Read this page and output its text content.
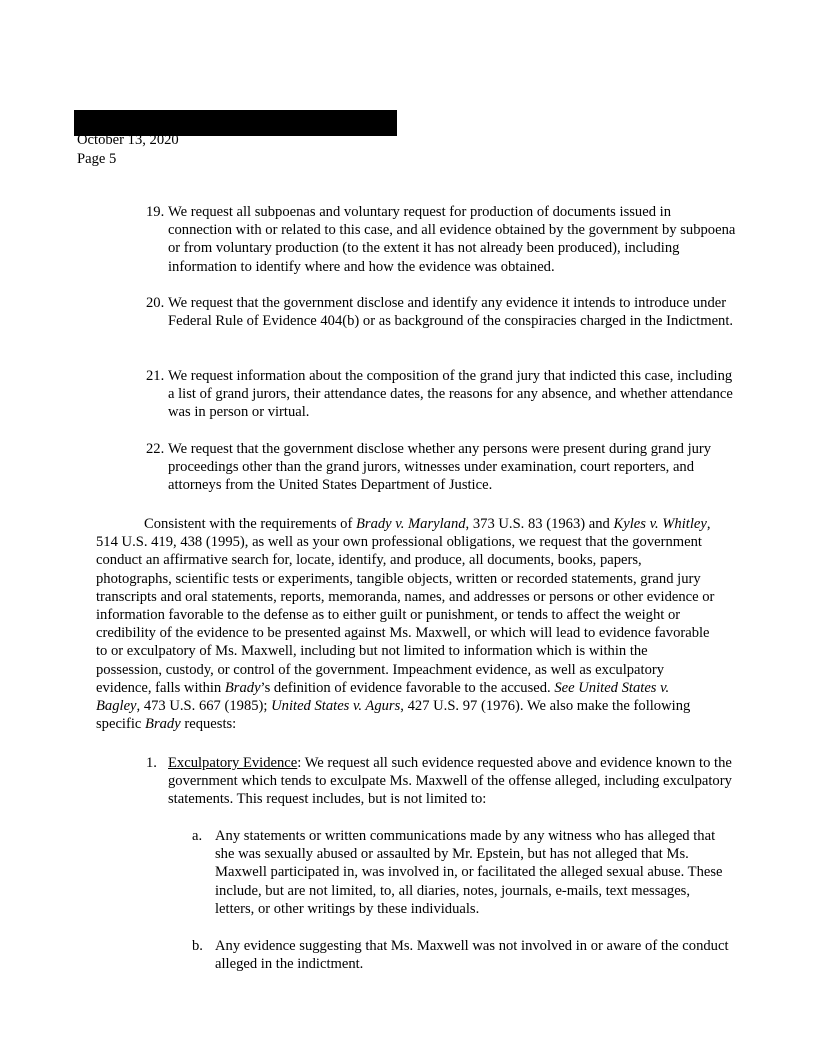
October 13, 2020
Page 5
19. We request all subpoenas and voluntary request for production of documents issued in connection with or related to this case, and all evidence obtained by the government by subpoena or from voluntary production (to the extent it has not already been produced), including information to identify where and how the evidence was obtained.
20. We request that the government disclose and identify any evidence it intends to introduce under Federal Rule of Evidence 404(b) or as background of the conspiracies charged in the Indictment.
21. We request information about the composition of the grand jury that indicted this case, including a list of grand jurors, their attendance dates, the reasons for any absence, and whether attendance was in person or virtual.
22. We request that the government disclose whether any persons were present during grand jury proceedings other than the grand jurors, witnesses under examination, court reporters, and attorneys from the United States Department of Justice.
Consistent with the requirements of Brady v. Maryland, 373 U.S. 83 (1963) and Kyles v. Whitley, 514 U.S. 419, 438 (1995), as well as your own professional obligations, we request that the government conduct an affirmative search for, locate, identify, and produce, all documents, books, papers, photographs, scientific tests or experiments, tangible objects, written or recorded statements, grand jury transcripts and oral statements, reports, memoranda, names, and addresses or persons or other evidence or information favorable to the defense as to either guilt or punishment, or tends to affect the weight or credibility of the evidence to be presented against Ms. Maxwell, or which will lead to evidence favorable to or exculpatory of Ms. Maxwell, including but not limited to information which is within the possession, custody, or control of the government. Impeachment evidence, as well as exculpatory evidence, falls within Brady’s definition of evidence favorable to the accused. See United States v. Bagley, 473 U.S. 667 (1985); United States v. Agurs, 427 U.S. 97 (1976). We also make the following specific Brady requests:
1. Exculpatory Evidence: We request all such evidence requested above and evidence known to the government which tends to exculpate Ms. Maxwell of the offense alleged, including exculpatory statements. This request includes, but is not limited to:
a. Any statements or written communications made by any witness who has alleged that she was sexually abused or assaulted by Mr. Epstein, but has not alleged that Ms. Maxwell participated in, was involved in, or facilitated the alleged sexual abuse. These include, but are not limited, to, all diaries, notes, journals, e-mails, text messages, letters, or other writings by these individuals.
b. Any evidence suggesting that Ms. Maxwell was not involved in or aware of the conduct alleged in the indictment.
